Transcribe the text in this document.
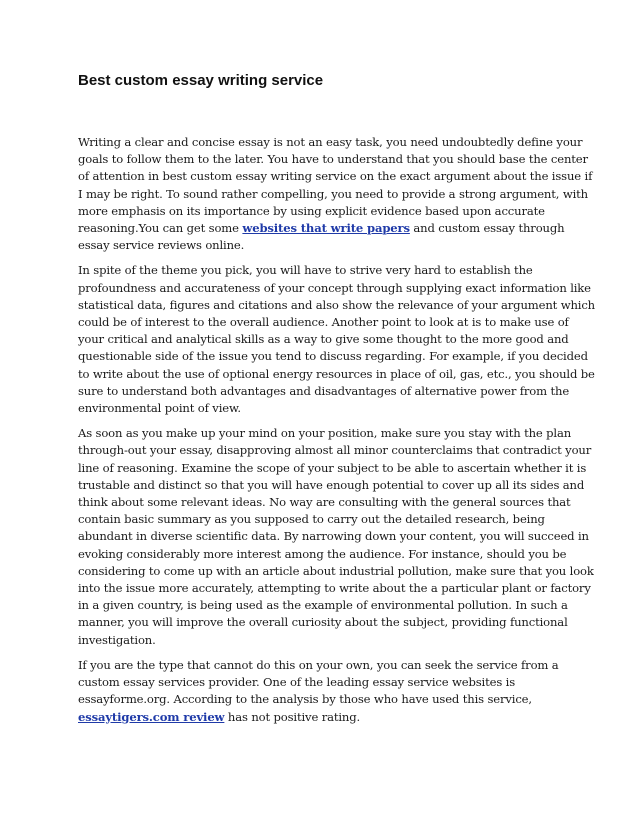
Best custom essay writing service

Writing a clear and concise essay is not an easy task, you need undoubtedly define your goals to follow them to the later. You have to understand that you should base the center of attention in best custom essay writing service on the exact argument about the issue if I may be right. To sound rather compelling, you need to provide a strong argument, with more emphasis on its importance by using explicit evidence based upon accurate reasoning.You can get some websites that write papers and custom essay through essay service reviews online.

In spite of the theme you pick, you will have to strive very hard to establish the profoundness and accurateness of your concept through supplying exact information like statistical data, figures and citations and also show the relevance of your argument which could be of interest to the overall audience. Another point to look at is to make use of your critical and analytical skills as a way to give some thought to the more good and questionable side of the issue you tend to discuss regarding. For example, if you decided to write about the use of optional energy resources in place of oil, gas, etc., you should be sure to understand both advantages and disadvantages of alternative power from the environmental point of view.

As soon as you make up your mind on your position, make sure you stay with the plan through-out your essay, disapproving almost all minor counterclaims that contradict your line of reasoning. Examine the scope of your subject to be able to ascertain whether it is trustable and distinct so that you will have enough potential to cover up all its sides and think about some relevant ideas. No way are consulting with the general sources that contain basic summary as you supposed to carry out the detailed research, being abundant in diverse scientific data. By narrowing down your content, you will succeed in evoking considerably more interest among the audience. For instance, should you be considering to come up with an article about industrial pollution, make sure that you look into the issue more accurately, attempting to write about the a particular plant or factory in a given country, is being used as the example of environmental pollution. In such a manner, you will improve the overall curiosity about the subject, providing functional investigation.

If you are the type that cannot do this on your own, you can seek the service from a custom essay services provider. One of the leading essay service websites is essayforme.org. According to the analysis by those who have used this service, essaytigers.com review has not positive rating.
